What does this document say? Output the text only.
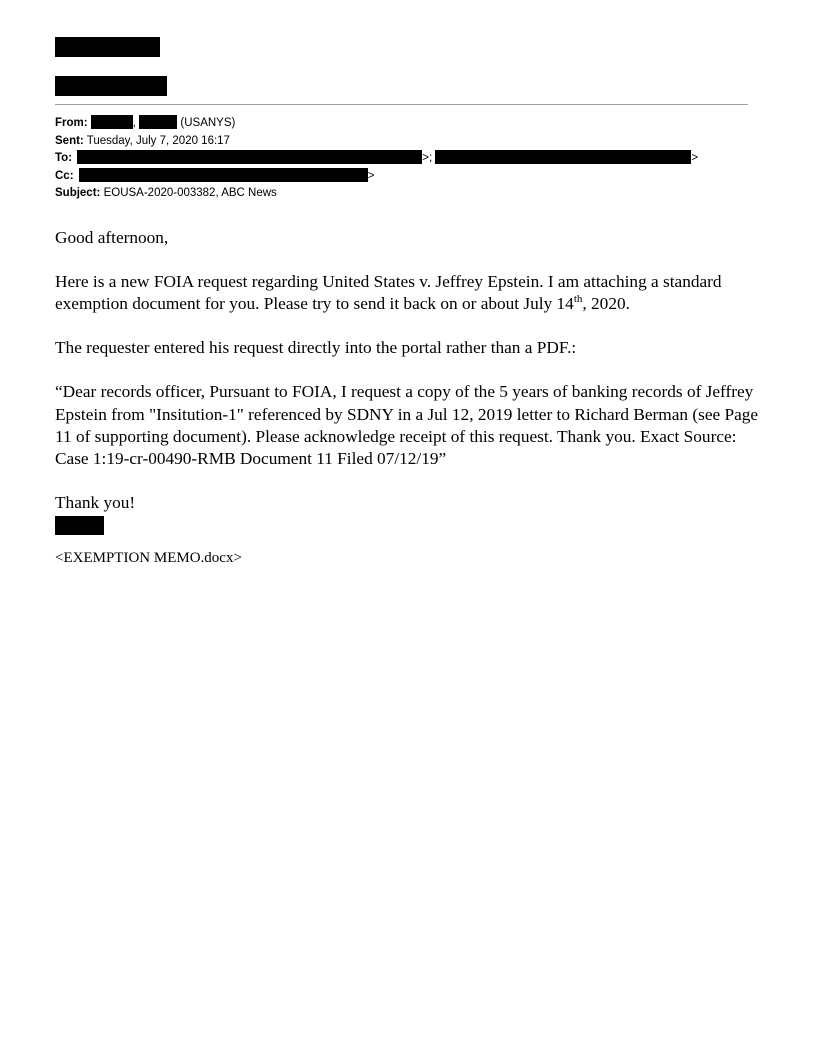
From:	,	(USANYS)
Sent: Tuesday, July 7, 2020 16:17
To:	>;	>
Cc:	>
Subject: EOUSA-2020-003382, ABC News

Good afternoon,

Here is a new FOIA request regarding United States v. Jeffrey Epstein. I am attaching a standard exemption document for you. Please try to send it back on or about July 14th, 2020.

The requester entered his request directly into the portal rather than a PDF.:

“Dear records officer, Pursuant to FOIA, I request a copy of the 5 years of banking records of Jeffrey Epstein from "Insitution-1" referenced by SDNY in a Jul 12, 2019 letter to Richard Berman (see Page 11 of supporting document). Please acknowledge receipt of this request. Thank you. Exact Source: Case 1:19-cr-00490-RMB Document 11 Filed 07/12/19”

Thank you!

<EXEMPTION MEMO.docx>
